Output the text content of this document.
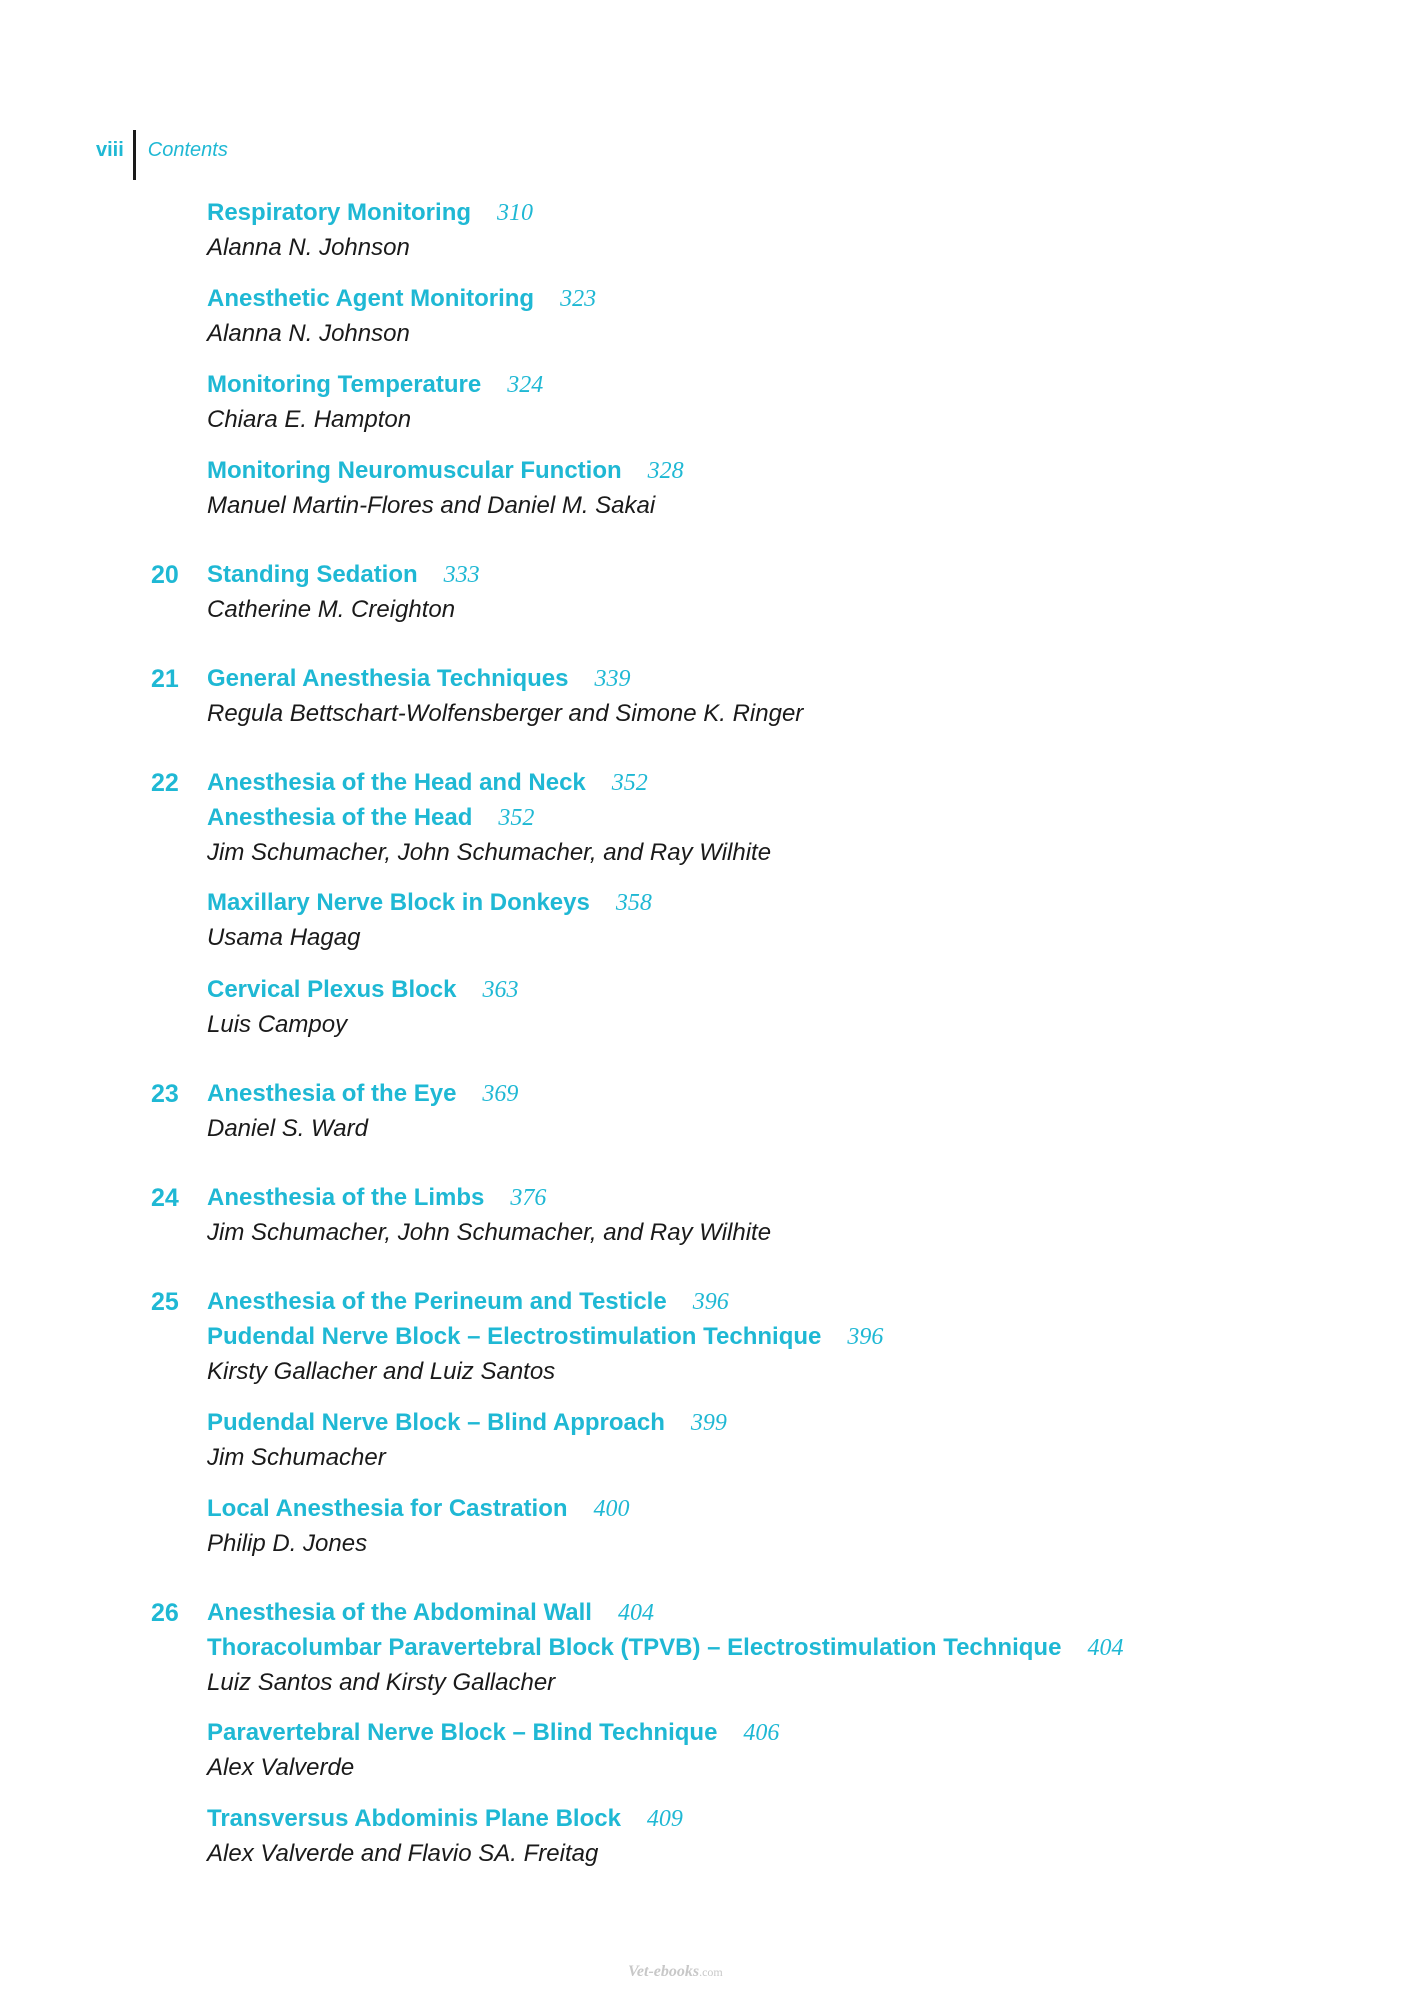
viii Contents
Respiratory Monitoring 310
Alanna N. Johnson
Anesthetic Agent Monitoring 323
Alanna N. Johnson
Monitoring Temperature 324
Chiara E. Hampton
Monitoring Neuromuscular Function 328
Manuel Martin-Flores and Daniel M. Sakai
20	Standing Sedation 333
Catherine M. Creighton
21	General Anesthesia Techniques 339
Regula Bettschart-Wolfensberger and Simone K. Ringer
22	Anesthesia of the Head and Neck 352
Anesthesia of the Head 352
Jim Schumacher, John Schumacher, and Ray Wilhite
Maxillary Nerve Block in Donkeys 358
Usama Hagag
Cervical Plexus Block 363
Luis Campoy
23	Anesthesia of the Eye 369
Daniel S. Ward
24	Anesthesia of the Limbs 376
Jim Schumacher, John Schumacher, and Ray Wilhite
25	Anesthesia of the Perineum and Testicle 396
Pudendal Nerve Block – Electrostimulation Technique 396
Kirsty Gallacher and Luiz Santos
Pudendal Nerve Block – Blind Approach 399
Jim Schumacher
Local Anesthesia for Castration 400
Philip D. Jones
26	Anesthesia of the Abdominal Wall 404
Thoracolumbar Paravertebral Block (TPVB) – Electrostimulation Technique 404
Luiz Santos and Kirsty Gallacher
Paravertebral Nerve Block – Blind Technique 406
Alex Valverde
Transversus Abdominis Plane Block 409
Alex Valverde and Flavio SA. Freitag
Vet-ebooks.com
